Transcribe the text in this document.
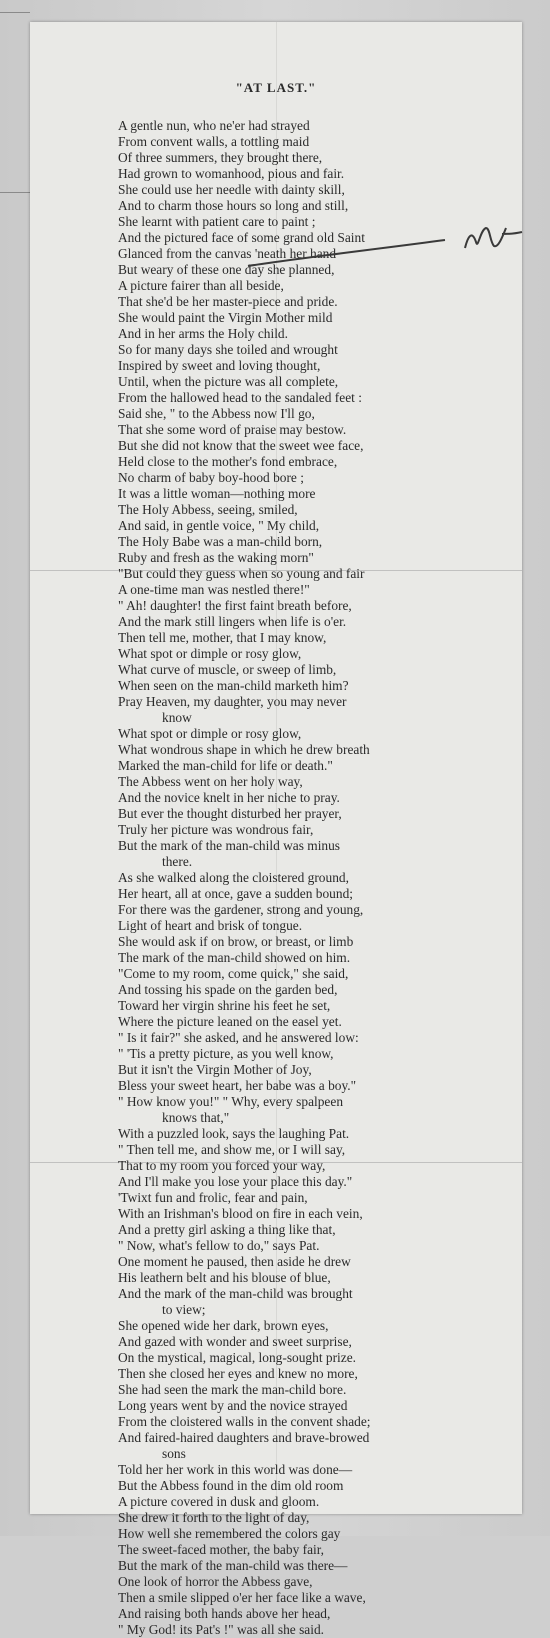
"AT LAST."
A gentle nun, who ne'er had strayed
From convent walls, a tottling maid
Of three summers, they brought there,
Had grown to womanhood, pious and fair.
She could use her needle with dainty skill,
And to charm those hours so long and still,
She learnt with patient care to paint ;
And the pictured face of some grand old Saint
Glanced from the canvas 'neath her hand
But weary of these one day she planned,
A picture fairer than all beside,
That she'd be her master-piece and pride.
She would paint the Virgin Mother mild
And in her arms the Holy child.
So for many days she toiled and wrought
Inspired by sweet and loving thought,
Until, when the picture was all complete,
From the hallowed head to the sandaled feet :
Said she, " to the Abbess now I'll go,
That she some word of praise may bestow.
But she did not know that the sweet wee face,
Held close to the mother's fond embrace,
No charm of baby boy-hood bore ;
It was a little woman—nothing more
The Holy Abbess, seeing, smiled,
And said, in gentle voice, " My child,
The Holy Babe was a man-child born,
Ruby and fresh as the waking morn"
"But could they guess when so young and fair
A one-time man was nestled there!"
" Ah! daughter! the first faint breath before,
And the mark still lingers when life is o'er.
Then tell me, mother, that I may know,
What spot or dimple or rosy glow,
What curve of muscle, or sweep of limb,
When seen on the man-child marketh him?
Pray Heaven, my daughter, you may never
know
What spot or dimple or rosy glow,
What wondrous shape in which he drew breath
Marked the man-child for life or death."
The Abbess went on her holy way,
And the novice knelt in her niche to pray.
But ever the thought disturbed her prayer,
Truly her picture was wondrous fair,
But the mark of the man-child was minus
there.
As she walked along the cloistered ground,
Her heart, all at once, gave a sudden bound;
For there was the gardener, strong and young,
Light of heart and brisk of tongue.
She would ask if on brow, or breast, or limb
The mark of the man-child showed on him.
"Come to my room, come quick," she said,
And tossing his spade on the garden bed,
Toward her virgin shrine his feet he set,
Where the picture leaned on the easel yet.
" Is it fair?" she asked, and he answered low:
" 'Tis a pretty picture, as you well know,
But it isn't the Virgin Mother of Joy,
Bless your sweet heart, her babe was a boy."
" How know you!" " Why, every spalpeen
knows that,"
With a puzzled look, says the laughing Pat.
" Then tell me, and show me, or I will say,
That to my room you forced your way,
And I'll make you lose your place this day."
'Twixt fun and frolic, fear and pain,
With an Irishman's blood on fire in each vein,
And a pretty girl asking a thing like that,
" Now, what's fellow to do," says Pat.
One moment he paused, then aside he drew
His leathern belt and his blouse of blue,
And the mark of the man-child was brought
to view;
She opened wide her dark, brown eyes,
And gazed with wonder and sweet surprise,
On the mystical, magical, long-sought prize.
Then she closed her eyes and knew no more,
She had seen the mark the man-child bore.
Long years went by and the novice strayed
From the cloistered walls in the convent shade;
And faired-haired daughters and brave-browed
sons
Told her her work in this world was done—
But the Abbess found in the dim old room
A picture covered in dusk and gloom.
She drew it forth to the light of day,
How well she remembered the colors gay
The sweet-faced mother, the baby fair,
But the mark of the man-child was there—
One look of horror the Abbess gave,
Then a smile slipped o'er her face like a wave,
And raising both hands above her head,
" My God! its Pat's !" was all she said.
